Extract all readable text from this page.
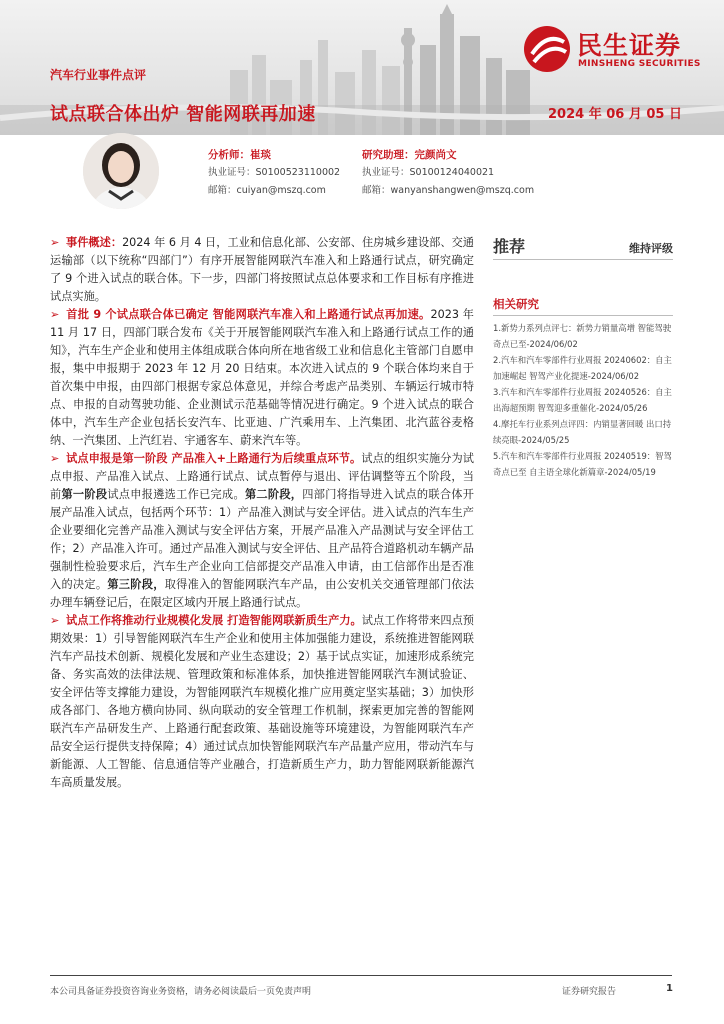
民生证券
MINSHENG SECURITIES
汽车行业事件点评
试点联合体出炉 智能网联再加速	2024 年 06 月 05 日
分析师：崔琰
执业证号：S0100523110002
邮箱：cuiyan@mszq.com
研究助理：完颜尚文
执业证号：S0100124040021
邮箱：wanyanshangwen@mszq.com
➢ 事件概述：2024 年 6 月 4 日，工业和信息化部、公安部、住房城乡建设部、交通运输部（以下统称“四部门”）有序开展智能网联汽车准入和上路通行试点，研究确定了 9 个进入试点的联合体。下一步，四部门将按照试点总体要求和工作目标有序推进试点实施。
➢ 首批 9 个试点联合体已确定 智能网联汽车准入和上路通行试点再加速。2023 年 11 月 17 日，四部门联合发布《关于开展智能网联汽车准入和上路通行试点工作的通知》，汽车生产企业和使用主体组成联合体向所在地省级工业和信息化主管部门自愿申报，集中申报期于 2023 年 12 月 20 日结束。本次进入试点的 9 个联合体均来自于首次集中申报，由四部门根据专家总体意见，并综合考虑产品类别、车辆运行城市特点、申报的自动驾驶功能、企业测试示范基础等情况进行确定。9 个进入试点的联合体中，汽车生产企业包括长安汽车、比亚迪、广汽乘用车、上汽集团、北汽蓝谷麦格纳、一汽集团、上汽红岩、宇通客车、蔚来汽车等。
➢ 试点申报是第一阶段 产品准入+上路通行为后续重点环节。试点的组织实施分为试点申报、产品准入试点、上路通行试点、试点暂停与退出、评估调整等五个阶段，当前第一阶段试点申报遴选工作已完成。第二阶段，四部门将指导进入试点的联合体开展产品准入试点，包括两个环节：1）产品准入测试与安全评估。进入试点的汽车生产企业要细化完善产品准入测试与安全评估方案，开展产品准入产品测试与安全评估工作；2）产品准入许可。通过产品准入测试与安全评估、且产品符合道路机动车辆产品强制性检验要求后，汽车生产企业向工信部提交产品准入申请，由工信部作出是否准入的决定。第三阶段，取得准入的智能网联汽车产品，由公安机关交通管理部门依法办理车辆登记后，在限定区域内开展上路通行试点。
➢ 试点工作将推动行业规模化发展 打造智能网联新质生产力。试点工作将带来四点预期效果：1）引导智能网联汽车生产企业和使用主体加强能力建设，系统推进智能网联汽车产品技术创新、规模化发展和产业生态建设；2）基于试点实证，加速形成系统完备、务实高效的法律法规、管理政策和标准体系，加快推进智能网联汽车测试验证、安全评估等支撑能力建设，为智能网联汽车规模化推广应用奠定坚实基础；3）加快形成各部门、各地方横向协同、纵向联动的安全管理工作机制，探索更加完善的智能网联汽车产品研发生产、上路通行配套政策、基础设施等环境建设，为智能网联汽车产品安全运行提供支持保障；4）通过试点加快智能网联汽车产品量产应用，带动汽车与新能源、人工智能、信息通信等产业融合，打造新质生产力，助力智能网联新能源汽车高质量发展。
推荐	维持评级
相关研究
1.新势力系列点评七：新势力销量高增 智能驾驶奇点已至-2024/06/02
2.汽车和汽车零部件行业周报 20240602：自主加速崛起 智驾产业化提速-2024/06/02
3.汽车和汽车零部件行业周报 20240526：自主出海超预期 智驾迎多重催化-2024/05/26
4.摩托车行业系列点评四：内销显著回暖 出口持续亮眼-2024/05/25
5.汽车和汽车零部件行业周报 20240519：智驾奇点已至 自主语全球化新篇章-2024/05/19
本公司具备证券投资咨询业务资格，请务必阅读最后一页免责声明	证券研究报告	1
